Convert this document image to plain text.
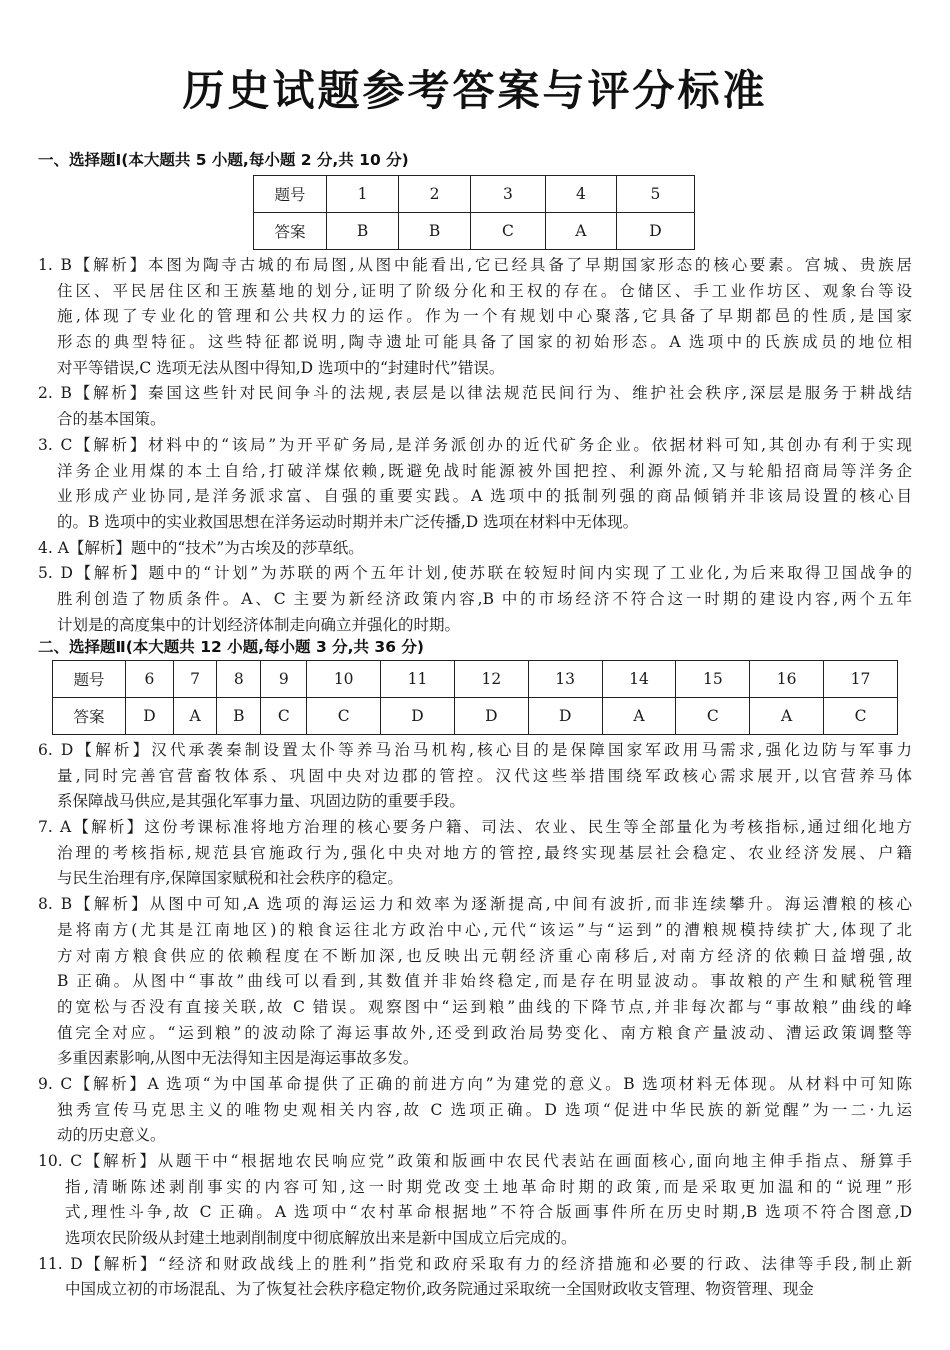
历史试题参考答案与评分标准
一、选择题Ⅰ(本大题共 5 小题,每小题 2 分,共 10 分)
题号	1	2	3	4	5
答案	B	B	C	A	D
1. B【解析】本图为陶寺古城的布局图,从图中能看出,它已经具备了早期国家形态的核心要素。宫城、贵族居
住区、平民居住区和王族墓地的划分,证明了阶级分化和王权的存在。仓储区、手工业作坊区、观象台等设
施,体现了专业化的管理和公共权力的运作。作为一个有规划中心聚落,它具备了早期都邑的性质,是国家
形态的典型特征。这些特征都说明,陶寺遗址可能具备了国家的初始形态。A 选项中的氏族成员的地位相
对平等错误,C 选项无法从图中得知,D 选项中的“封建时代”错误。
2. B【解析】秦国这些针对民间争斗的法规,表层是以律法规范民间行为、维护社会秩序,深层是服务于耕战结
合的基本国策。
3. C【解析】材料中的“该局”为开平矿务局,是洋务派创办的近代矿务企业。依据材料可知,其创办有利于实现
洋务企业用煤的本土自给,打破洋煤依赖,既避免战时能源被外国把控、利源外流,又与轮船招商局等洋务企
业形成产业协同,是洋务派求富、自强的重要实践。A 选项中的抵制列强的商品倾销并非该局设置的核心目
的。B 选项中的实业救国思想在洋务运动时期并未广泛传播,D 选项在材料中无体现。
4. A【解析】题中的“技术”为古埃及的莎草纸。
5. D【解析】题中的“计划”为苏联的两个五年计划,使苏联在较短时间内实现了工业化,为后来取得卫国战争的
胜利创造了物质条件。A、C 主要为新经济政策内容,B 中的市场经济不符合这一时期的建设内容,两个五年
计划是的高度集中的计划经济体制走向确立并强化的时期。
二、选择题Ⅱ(本大题共 12 小题,每小题 3 分,共 36 分)
题号	6	7	8	9	10	11	12	13	14	15	16	17
答案	D	A	B	C	C	D	D	D	A	C	A	C
6. D【解析】汉代承袭秦制设置太仆等养马治马机构,核心目的是保障国家军政用马需求,强化边防与军事力
量,同时完善官营畜牧体系、巩固中央对边郡的管控。汉代这些举措围绕军政核心需求展开,以官营养马体
系保障战马供应,是其强化军事力量、巩固边防的重要手段。
7. A【解析】这份考课标准将地方治理的核心要务户籍、司法、农业、民生等全部量化为考核指标,通过细化地方
治理的考核指标,规范县官施政行为,强化中央对地方的管控,最终实现基层社会稳定、农业经济发展、户籍
与民生治理有序,保障国家赋税和社会秩序的稳定。
8. B【解析】从图中可知,A 选项的海运运力和效率为逐渐提高,中间有波折,而非连续攀升。海运漕粮的核心
是将南方(尤其是江南地区)的粮食运往北方政治中心,元代“该运”与“运到”的漕粮规模持续扩大,体现了北
方对南方粮食供应的依赖程度在不断加深,也反映出元朝经济重心南移后,对南方经济的依赖日益增强,故
B 正确。从图中“事故”曲线可以看到,其数值并非始终稳定,而是存在明显波动。事故粮的产生和赋税管理
的宽松与否没有直接关联,故 C 错误。观察图中“运到粮”曲线的下降节点,并非每次都与“事故粮”曲线的峰
值完全对应。“运到粮”的波动除了海运事故外,还受到政治局势变化、南方粮食产量波动、漕运政策调整等
多重因素影响,从图中无法得知主因是海运事故多发。
9. C【解析】A 选项“为中国革命提供了正确的前进方向”为建党的意义。B 选项材料无体现。从材料中可知陈
独秀宣传马克思主义的唯物史观相关内容,故 C 选项正确。D 选项“促进中华民族的新觉醒”为一二·九运
动的历史意义。
10. C【解析】从题干中“根据地农民响应党”政策和版画中农民代表站在画面核心,面向地主伸手指点、掰算手
指,清晰陈述剥削事实的内容可知,这一时期党改变土地革命时期的政策,而是采取更加温和的“说理”形
式,理性斗争,故 C 正确。A 选项中“农村革命根据地”不符合版画事件所在历史时期,B 选项不符合图意,D
选项农民阶级从封建土地剥削制度中彻底解放出来是新中国成立后完成的。
11. D【解析】“经济和财政战线上的胜利”指党和政府采取有力的经济措施和必要的行政、法律等手段,制止新
中国成立初的市场混乱、为了恢复社会秩序稳定物价,政务院通过采取统一全国财政收支管理、物资管理、现金
